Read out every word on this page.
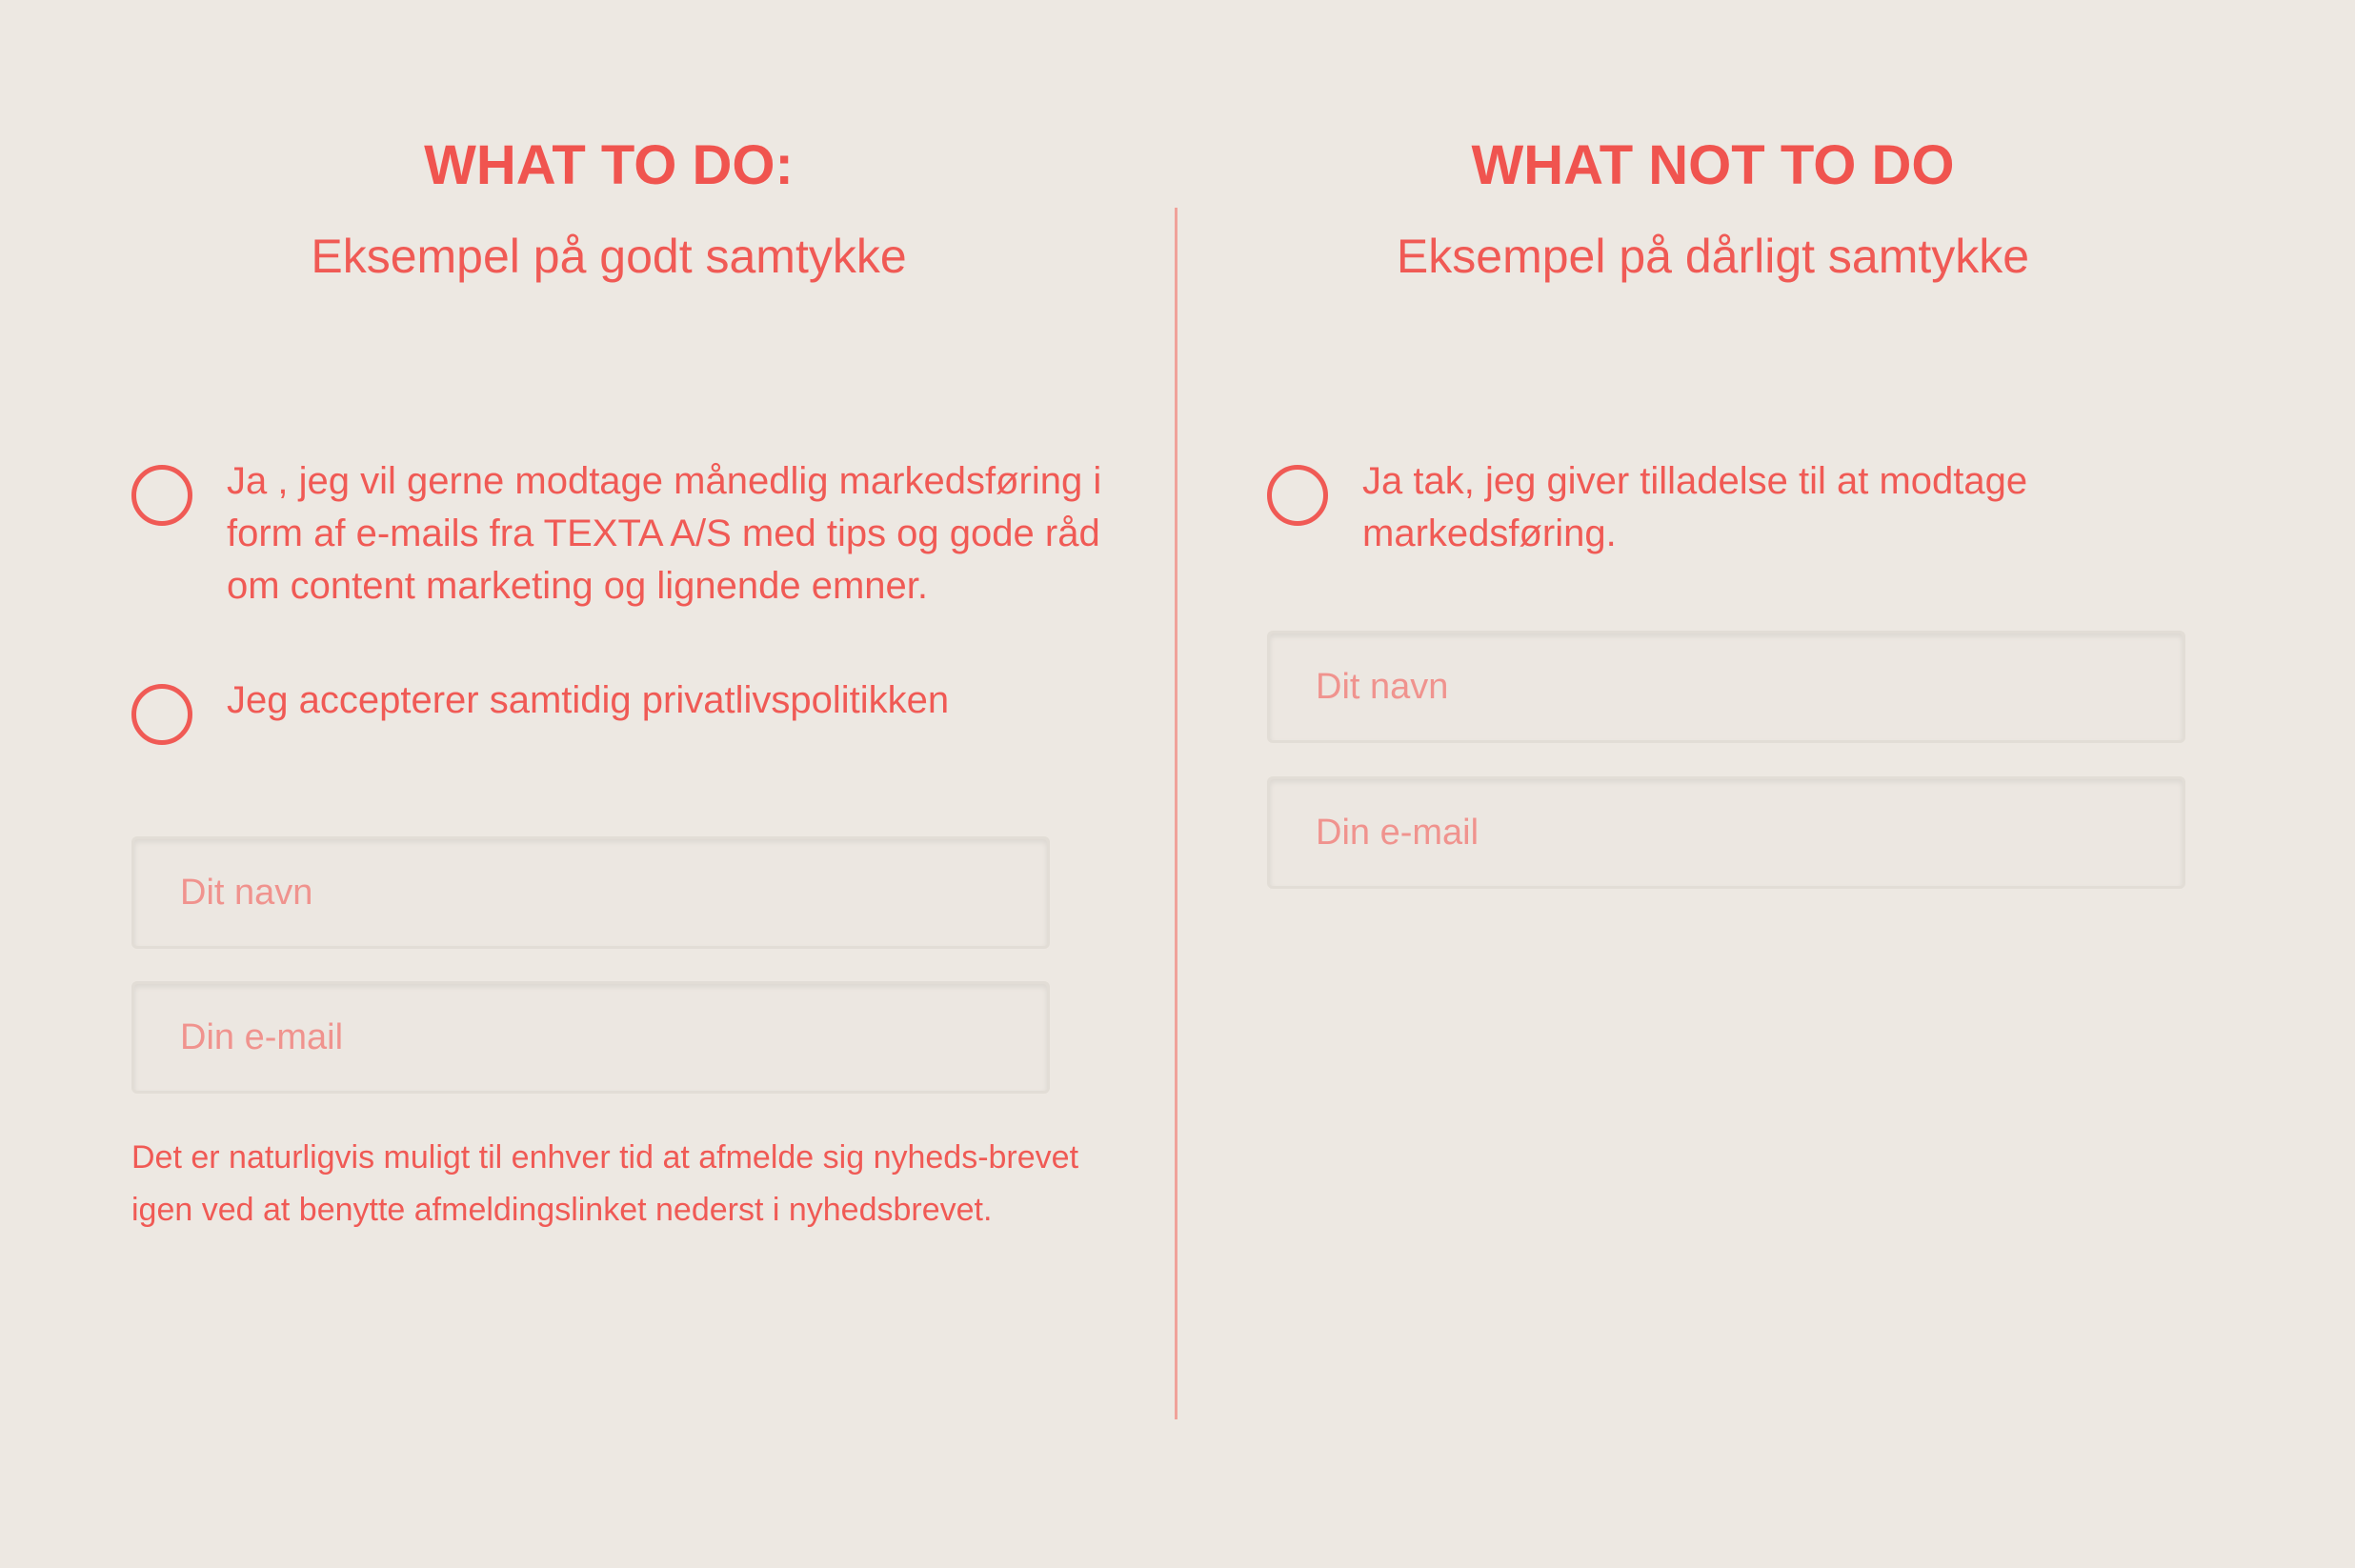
WHAT TO DO:
Eksempel på godt samtykke
Ja , jeg vil gerne modtage månedlig markedsføring i form af e-mails fra TEXTA A/S med tips og gode råd om content marketing og lignende emner.
Jeg accepterer samtidig privatlivspolitikken
Dit navn
Din e-mail

Det er naturligvis muligt til enhver tid at afmelde sig nyheds-brevet igen ved at benytte afmeldingslinket nederst i nyhedsbrevet.

WHAT NOT TO DO
Eksempel på dårligt samtykke
Ja tak, jeg giver tilladelse til at modtage markedsføring.
Dit navn
Din e-mail
